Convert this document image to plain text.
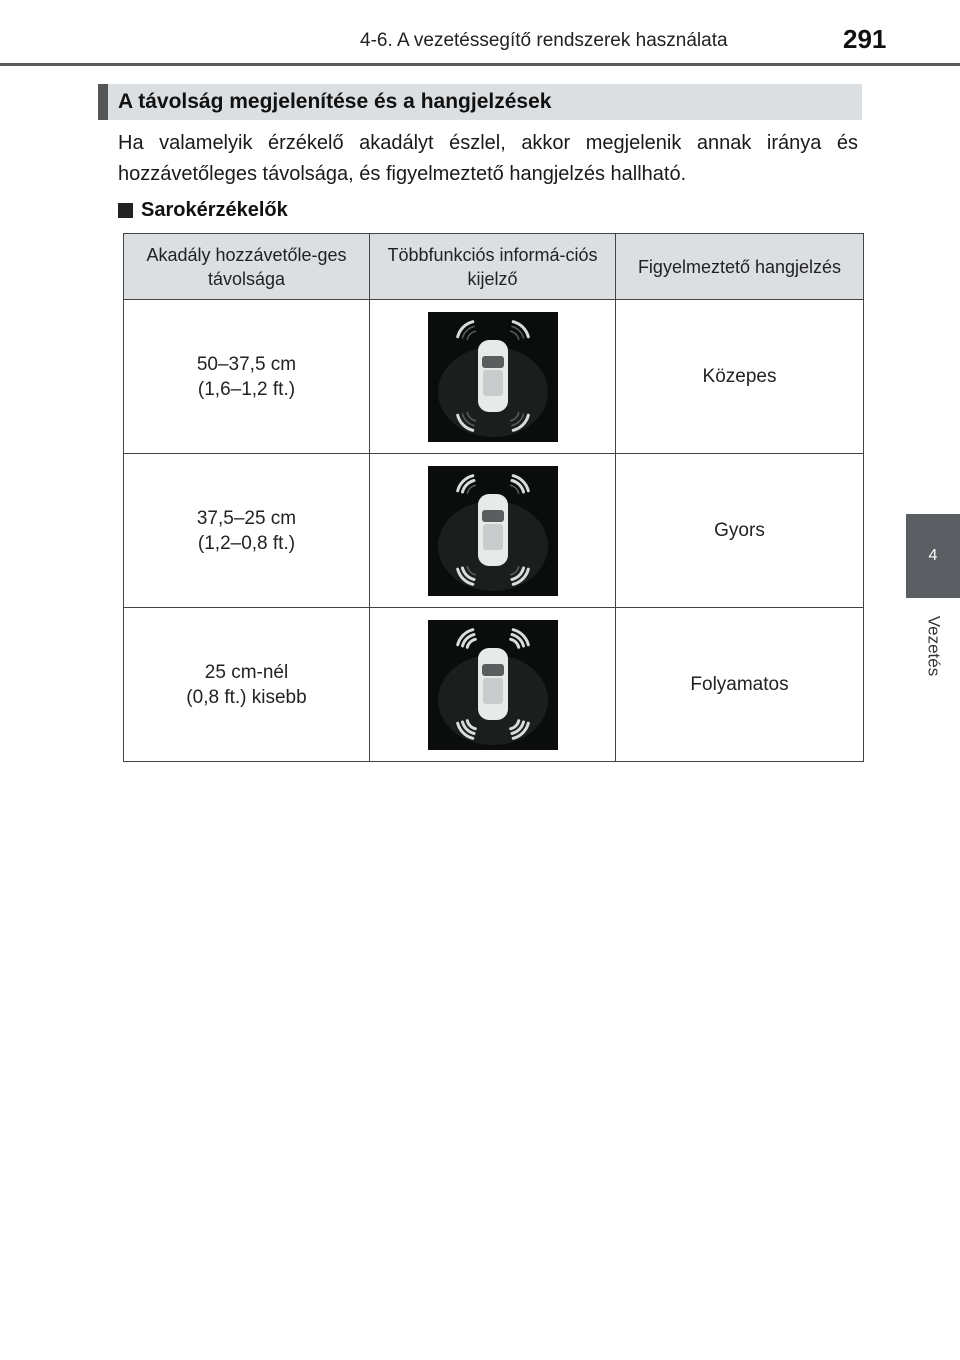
4-6. A vezetéssegítő rendszerek használata	291
4
Vezetés
A távolság megjelenítése és a hangjelzések
Ha valamelyik érzékelő akadályt észlel, akkor megjelenik annak iránya és hozzávetőleges távolsága, és figyelmeztető hangjelzés hallható.
Sarokérzékelők
Akadály hozzávetőle-ges távolsága	Többfunkciós informá-ciós kijelző	Figyelmeztető hangjelzés

50–37,5 cm
(1,6–1,2 ft.)		Közepes

37,5–25 cm
(1,2–0,8 ft.)		Gyors

25 cm-nél
(0,8 ft.) kisebb		Folyamatos
